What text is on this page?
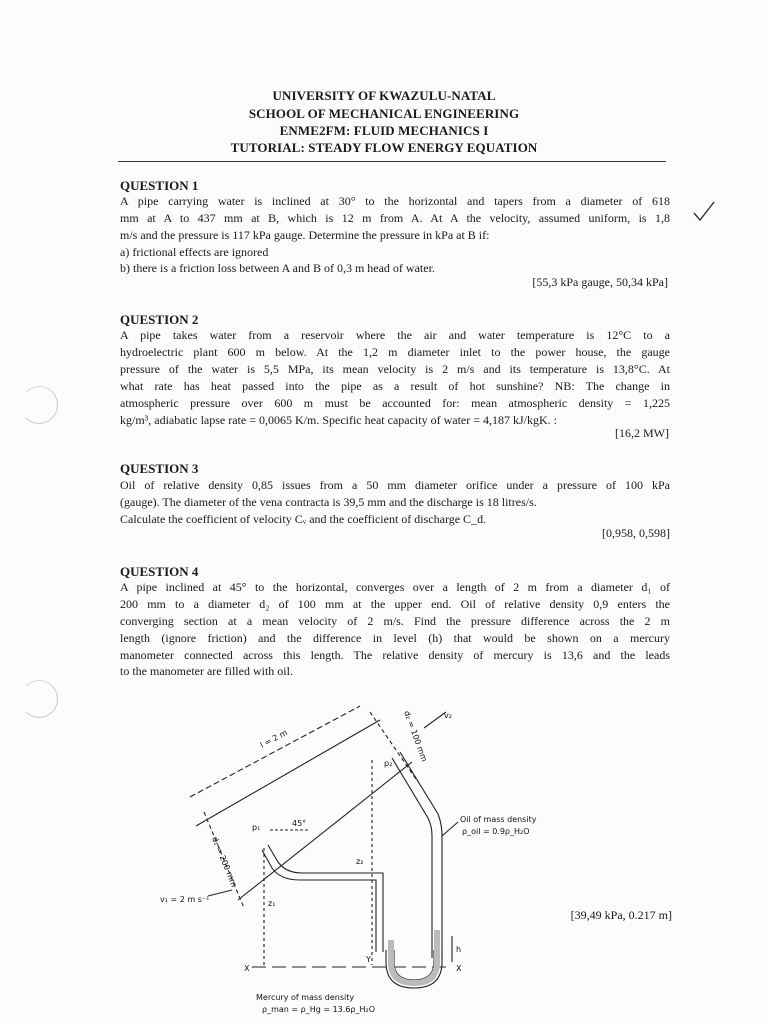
UNIVERSITY OF KWAZULU-NATAL
SCHOOL OF MECHANICAL ENGINEERING
ENME2FM: FLUID MECHANICS I
TUTORIAL: STEADY FLOW ENERGY EQUATION
QUESTION 1
A pipe carrying water is inclined at 30° to the horizontal and tapers from a diameter of 618
mm at A to 437 mm at B, which is 12 m from A. At A the velocity, assumed uniform, is 1,8
m/s and the pressure is 117 kPa gauge. Determine the pressure in kPa at B if:
a) frictional effects are ignored
b) there is a friction loss between A and B of 0,3 m head of water.
[55,3 kPa gauge, 50,34 kPa]
QUESTION 2
A pipe takes water from a reservoir where the air and water temperature is 12°C to a
hydroelectric plant 600 m below. At the 1,2 m diameter inlet to the power house, the gauge
pressure of the water is 5,5 MPa, its mean velocity is 2 m/s and its temperature is 13,8°C. At
what rate has heat passed into the pipe as a result of hot sunshine? NB: The change in
atmospheric pressure over 600 m must be accounted for: mean atmospheric density = 1,225
kg/m³, adiabatic lapse rate = 0,0065 K/m. Specific heat capacity of water = 4,187 kJ/kgK. :
[16,2 MW]
QUESTION 3
Oil of relative density 0,85 issues from a 50 mm diameter orifice under a pressure of 100 kPa
(gauge). The diameter of the vena contracta is 39,5 mm and the discharge is 18 litres/s.
Calculate the coefficient of velocity Cᵥ and the coefficient of discharge C_d.
[0,958, 0,598]
QUESTION 4
A pipe inclined at 45° to the horizontal, converges over a length of 2 m from a diameter d₁ of
200 mm to a diameter d₂ of 100 mm at the upper end. Oil of relative density 0,9 enters the
converging section at a mean velocity of 2 m/s. Find the pressure difference across the 2 m
length (ignore friction) and the difference in level (h) that would be shown on a mercury
manometer connected across this length. The relative density of mercury is 13,6 and the leads
to the manometer are filled with oil.
[39,49 kPa, 0.217 m]
l = 2 m	d₂ = 100 mm v₂
p₂
p₁	45°
d₁ = 200 mm
v₁ = 2 m s⁻¹	z₁
z₂
h
X	X
Y
Oil of mass density
ρ_oil = 0.9ρ_H₂O
Mercury of mass density
ρ_man = ρ_Hg = 13.6ρ_H₂O
